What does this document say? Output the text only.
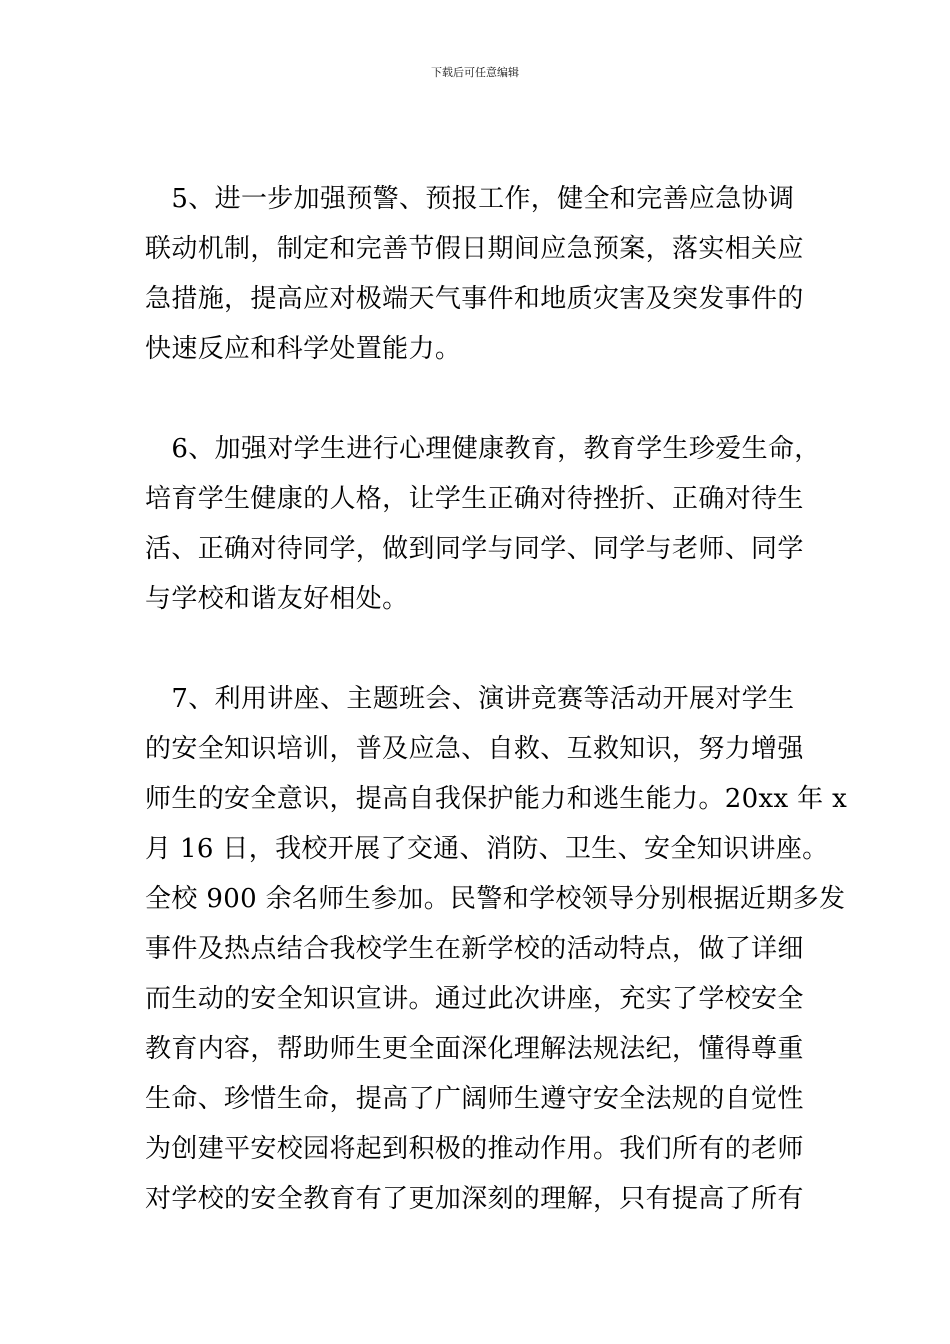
下载后可任意编辑
　5、进一步加强预警、预报工作，健全和完善应急协调
联动机制，制定和完善节假日期间应急预案，落实相关应
急措施，提高应对极端天气事件和地质灾害及突发事件的
快速反应和科学处置能力。
　6、加强对学生进行心理健康教育，教育学生珍爱生命，
培育学生健康的人格，让学生正确对待挫折、正确对待生
活、正确对待同学，做到同学与同学、同学与老师、同学
与学校和谐友好相处。
　7、利用讲座、主题班会、演讲竞赛等活动开展对学生
的安全知识培训，普及应急、自救、互救知识，努力增强
师生的安全意识，提高自我保护能力和逃生能力。20xx 年 x
月 16 日，我校开展了交通、消防、卫生、安全知识讲座。
全校 900 余名师生参加。民警和学校领导分别根据近期多发
事件及热点结合我校学生在新学校的活动特点，做了详细
而生动的安全知识宣讲。通过此次讲座，充实了学校安全
教育内容，帮助师生更全面深化理解法规法纪，懂得尊重
生命、珍惜生命，提高了广阔师生遵守安全法规的自觉性
为创建平安校园将起到积极的推动作用。我们所有的老师
对学校的安全教育有了更加深刻的理解，只有提高了所有
